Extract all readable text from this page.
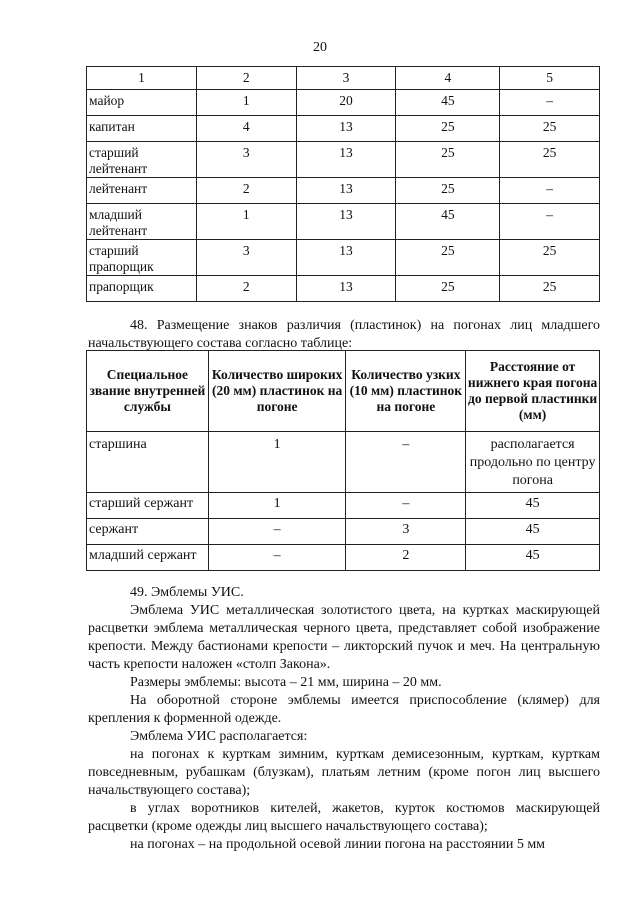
20
1	2	3	4	5
майор	1	20	45	–
капитан	4	13	25	25
старший лейтенант	3	13	25	25
лейтенант	2	13	25	–
младший лейтенант	1	13	45	–
старший прапорщик	3	13	25	25
прапорщик	2	13	25	25

48. Размещение знаков различия (пластинок) на погонах лиц младшего начальствующего состава согласно таблице:

Специальное звание внутренней службы	Количество широких (20 мм) пластинок на погоне	Количество узких (10 мм) пластинок на погоне	Расстояние от нижнего края погона до первой пластинки (мм)
старшина	1	–	располагается продольно по центру погона
старший сержант	1	–	45
сержант	–	3	45
младший сержант	–	2	45

49. Эмблемы УИС.

Эмблема УИС металлическая золотистого цвета, на куртках маскирующей расцветки эмблема металлическая черного цвета, представляет собой изображение крепости. Между бастионами крепости – ликторский пучок и меч. На центральную часть крепости наложен «столп Закона».

Размеры эмблемы: высота – 21 мм, ширина – 20 мм.

На оборотной стороне эмблемы имеется приспособление (клямер) для крепления к форменной одежде.

Эмблема УИС располагается:

на погонах к курткам зимним, курткам демисезонным, курткам, курткам повседневным, рубашкам (блузкам), платьям летним (кроме погон лиц высшего начальствующего состава);

в углах воротников кителей, жакетов, курток костюмов маскирующей расцветки (кроме одежды лиц высшего начальствующего состава);

на погонах – на продольной осевой линии погона на расстоянии 5 мм
